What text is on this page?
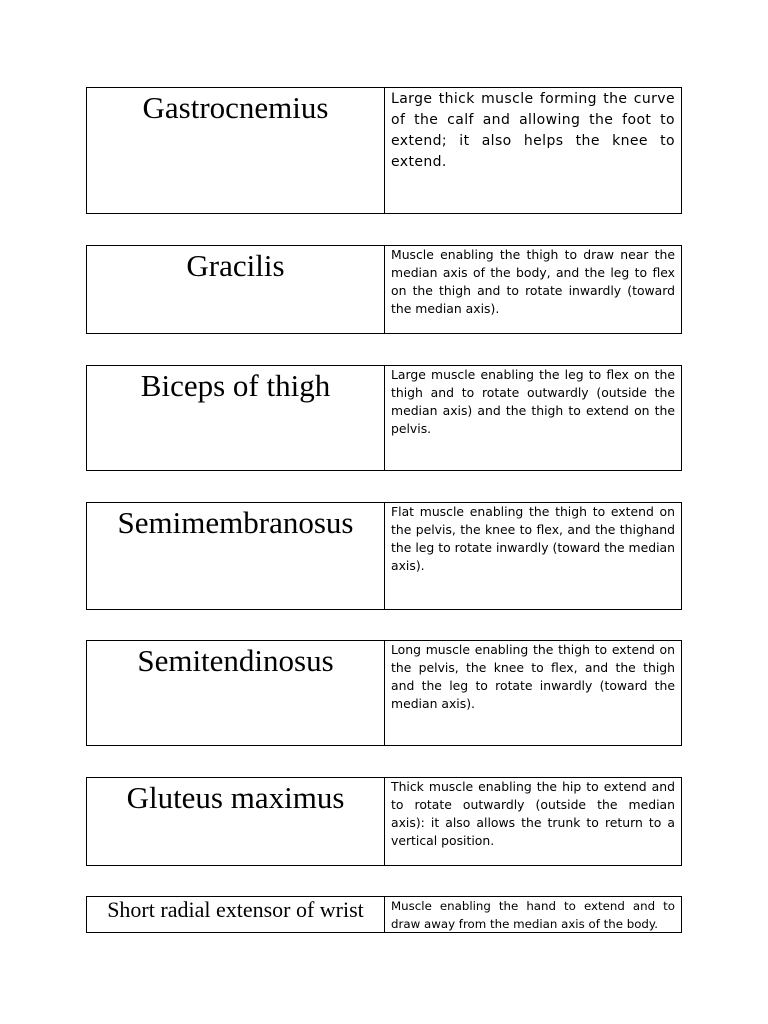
Gastrocnemius	Large thick muscle forming the curve of the calf and allowing the foot to extend; it also helps the knee to extend.
Gracilis	Muscle enabling the thigh to draw near the median axis of the body, and the leg to flex on the thigh and to rotate inwardly (toward the median axis).
Biceps of thigh	Large muscle enabling the leg to flex on the thigh and to rotate outwardly (outside the median axis) and the thigh to extend on the pelvis.
Semimembranosus	Flat muscle enabling the thigh to extend on the pelvis, the knee to flex, and the thighand the leg to rotate inwardly (toward the median axis).
Semitendinosus	Long muscle enabling the thigh to extend on the pelvis, the knee to flex, and the thigh and the leg to rotate inwardly (toward the median axis).
Gluteus maximus	Thick muscle enabling the hip to extend and to rotate outwardly (outside the median axis): it also allows the trunk to return to a vertical position.
Short radial extensor of wrist	Muscle enabling the hand to extend and to draw away from the median axis of the body.
